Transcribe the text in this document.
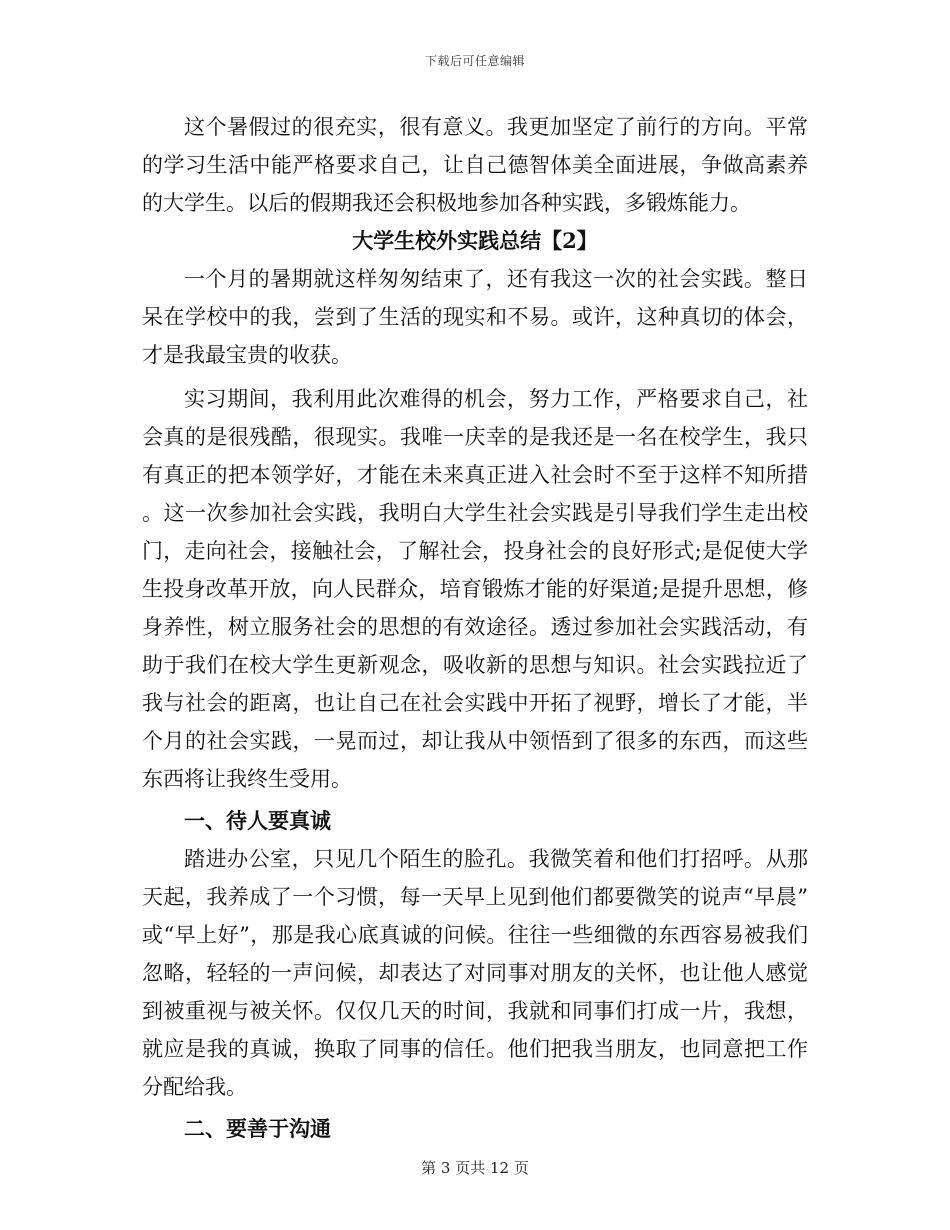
下载后可任意编辑

这个暑假过的很充实，很有意义。我更加坚定了前行的方向。平常的学习生活中能严格要求自己，让自己德智体美全面进展，争做高素养的大学生。以后的假期我还会积极地参加各种实践，多锻炼能力。

大学生校外实践总结【2】

一个月的暑期就这样匆匆结束了，还有我这一次的社会实践。整日呆在学校中的我，尝到了生活的现实和不易。或许，这种真切的体会，才是我最宝贵的收获。

实习期间，我利用此次难得的机会，努力工作，严格要求自己，社会真的是很残酷，很现实。我唯一庆幸的是我还是一名在校学生，我只有真正的把本领学好，才能在未来真正进入社会时不至于这样不知所措。这一次参加社会实践，我明白大学生社会实践是引导我们学生走出校门，走向社会，接触社会，了解社会，投身社会的良好形式;是促使大学生投身改革开放，向人民群众，培育锻炼才能的好渠道;是提升思想，修身养性，树立服务社会的思想的有效途径。透过参加社会实践活动，有助于我们在校大学生更新观念，吸收新的思想与知识。社会实践拉近了我与社会的距离，也让自己在社会实践中开拓了视野，增长了才能，半个月的社会实践，一晃而过，却让我从中领悟到了很多的东西，而这些东西将让我终生受用。

一、待人要真诚

踏进办公室，只见几个陌生的脸孔。我微笑着和他们打招呼。从那天起，我养成了一个习惯，每一天早上见到他们都要微笑的说声“早晨”或“早上好”，那是我心底真诚的问候。往往一些细微的东西容易被我们忽略，轻轻的一声问候，却表达了对同事对朋友的关怀，也让他人感觉到被重视与被关怀。仅仅几天的时间，我就和同事们打成一片，我想，就应是我的真诚，换取了同事的信任。他们把我当朋友，也同意把工作分配给我。

二、要善于沟通

第 3 页共 12 页
